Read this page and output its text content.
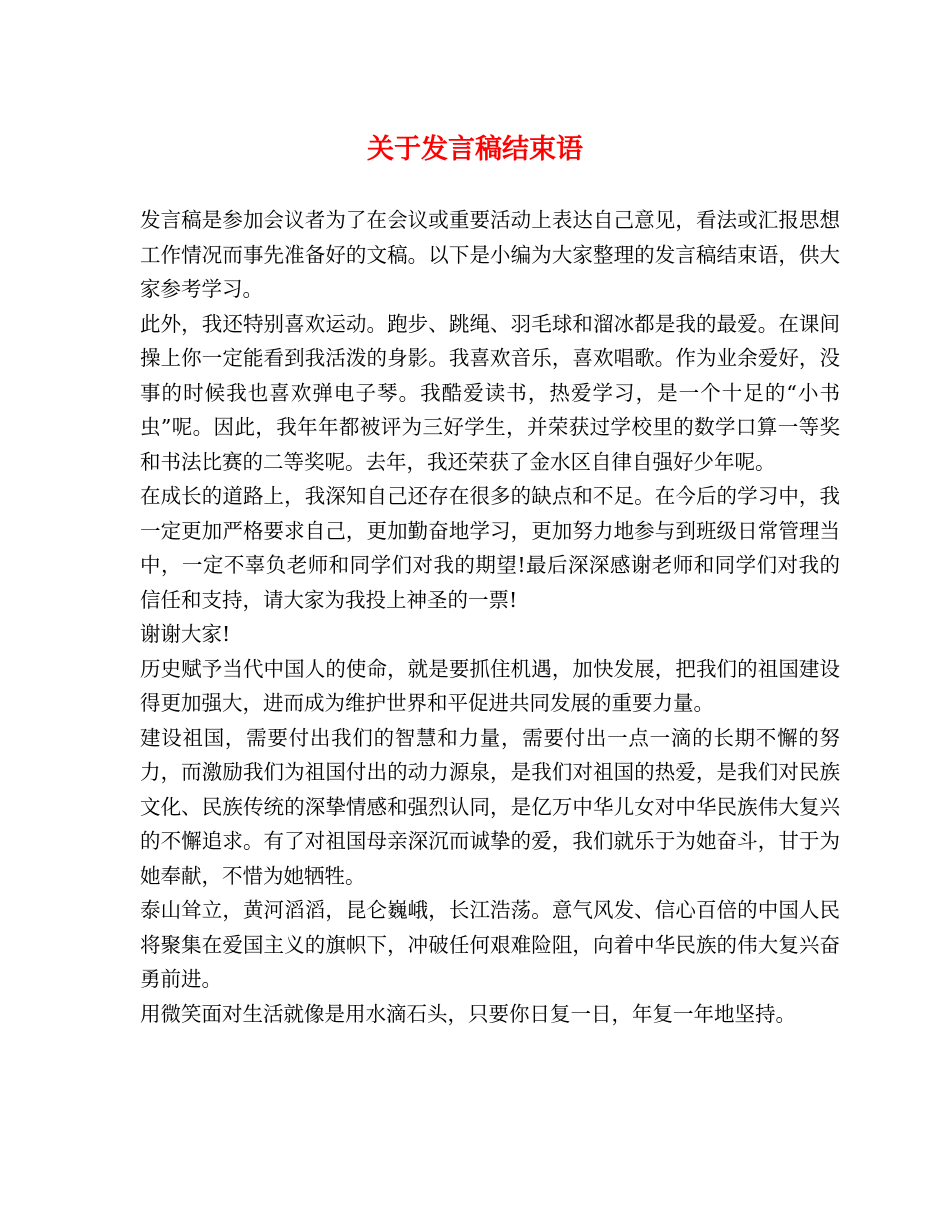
关于发言稿结束语

发言稿是参加会议者为了在会议或重要活动上表达自己意见，看法或汇报思想工作情况而事先准备好的文稿。以下是小编为大家整理的发言稿结束语，供大家参考学习。

此外，我还特别喜欢运动。跑步、跳绳、羽毛球和溜冰都是我的最爱。在课间操上你一定能看到我活泼的身影。我喜欢音乐，喜欢唱歌。作为业余爱好，没事的时候我也喜欢弹电子琴。我酷爱读书，热爱学习，是一个十足的“小书虫”呢。因此，我年年都被评为三好学生，并荣获过学校里的数学口算一等奖和书法比赛的二等奖呢。去年，我还荣获了金水区自律自强好少年呢。

在成长的道路上，我深知自己还存在很多的缺点和不足。在今后的学习中，我一定更加严格要求自己，更加勤奋地学习，更加努力地参与到班级日常管理当中，一定不辜负老师和同学们对我的期望!最后深深感谢老师和同学们对我的信任和支持，请大家为我投上神圣的一票!

谢谢大家!

历史赋予当代中国人的使命，就是要抓住机遇，加快发展，把我们的祖国建设得更加强大，进而成为维护世界和平促进共同发展的重要力量。

建设祖国，需要付出我们的智慧和力量，需要付出一点一滴的长期不懈的努力，而激励我们为祖国付出的动力源泉，是我们对祖国的热爱，是我们对民族文化、民族传统的深挚情感和强烈认同，是亿万中华儿女对中华民族伟大复兴的不懈追求。有了对祖国母亲深沉而诚挚的爱，我们就乐于为她奋斗，甘于为她奉献，不惜为她牺牲。

泰山耸立，黄河滔滔，昆仑巍峨，长江浩荡。意气风发、信心百倍的中国人民将聚集在爱国主义的旗帜下，冲破任何艰难险阻，向着中华民族的伟大复兴奋勇前进。

用微笑面对生活就像是用水滴石头，只要你日复一日，年复一年地坚持。
